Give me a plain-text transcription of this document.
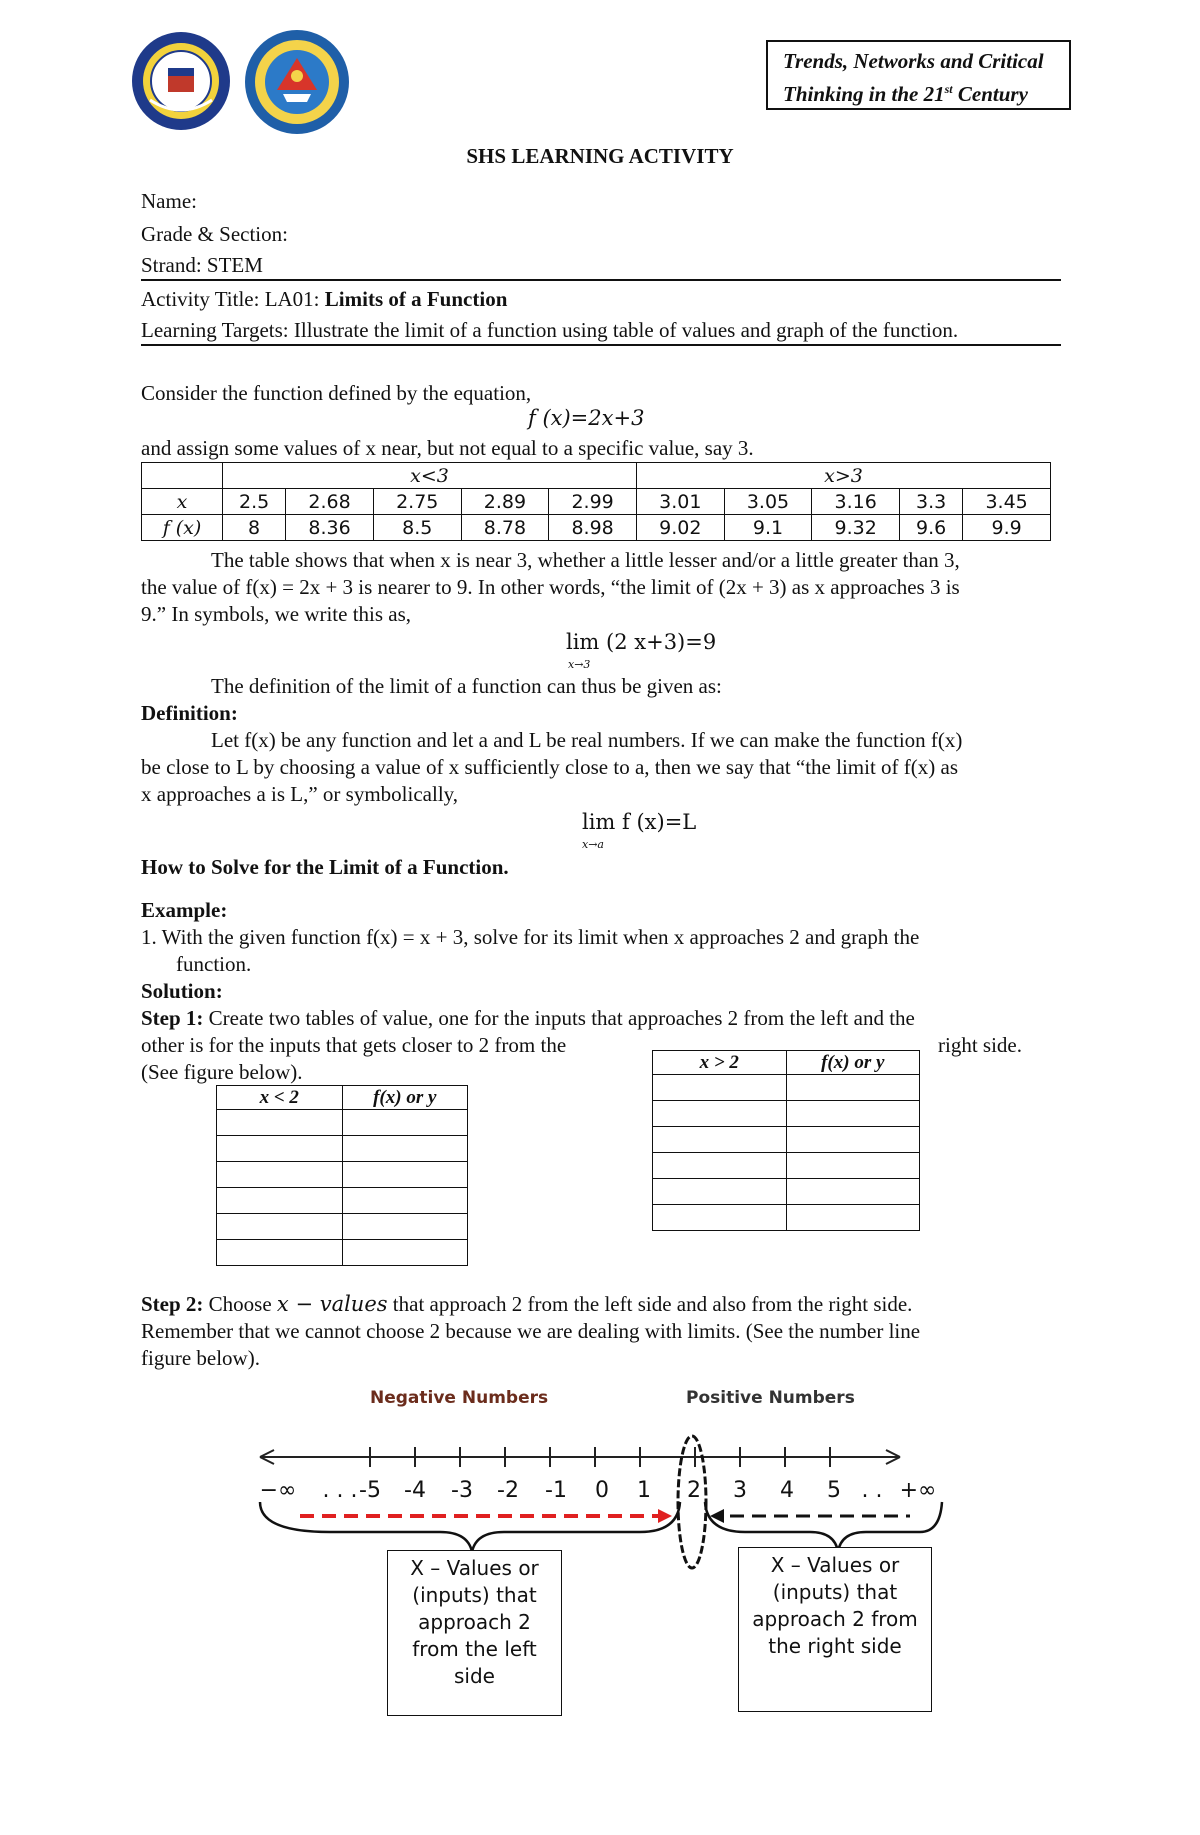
Trends, Networks and Critical
Thinking in the 21st Century
SHS LEARNING ACTIVITY
Name:
Grade & Section:
Strand: STEM
Activity Title: LA01: Limits of a Function
Learning Targets: Illustrate the limit of a function using table of values and graph of the function.
Consider the function defined by the equation,
f (x)=2x+3
and assign some values of x near, but not equal to a specific value, say 3.
	x<3					x>3				
x	2.5	2.68	2.75	2.89	2.99	3.01	3.05	3.16	3.3	3.45
f (x)	8	8.36	8.5	8.78	8.98	9.02	9.1	9.32	9.6	9.9
The table shows that when x is near 3, whether a little lesser and/or a little greater than 3,
the value of f(x) = 2x + 3 is nearer to 9. In other words, “the limit of (2x + 3) as x approaches 3 is
9.” In symbols, we write this as,
lim (2 x+3)=9
x→3
The definition of the limit of a function can thus be given as:
Definition:
Let f(x) be any function and let a and L be real numbers. If we can make the function f(x)
be close to L by choosing a value of x sufficiently close to a, then we say that “the limit of f(x) as
x approaches a is L,” or symbolically,
lim f (x)=L
x→a
How to Solve for the Limit of a Function.
Example:
1. With the given function f(x) = x + 3, solve for its limit when x approaches 2 and graph the
function.
Solution:
Step 1: Create two tables of value, one for the inputs that approaches 2 from the left and the
other is for the inputs that gets closer to 2 from the	right side.
(See figure below).
x < 2	f(x) or y

x > 2	f(x) or y

Step 2: Choose x − values that approach 2 from the left side and also from the right side.
Remember that we cannot choose 2 because we are dealing with limits. (See the number line
figure below).
Negative Numbers	Positive Numbers
−∞ . . . -5 -4 -3 -2 -1 0 1 2 3 4 5 . . +∞
X – Values or
(inputs) that
approach 2
from the left
side
X – Values or
(inputs) that
approach 2 from
the right side
